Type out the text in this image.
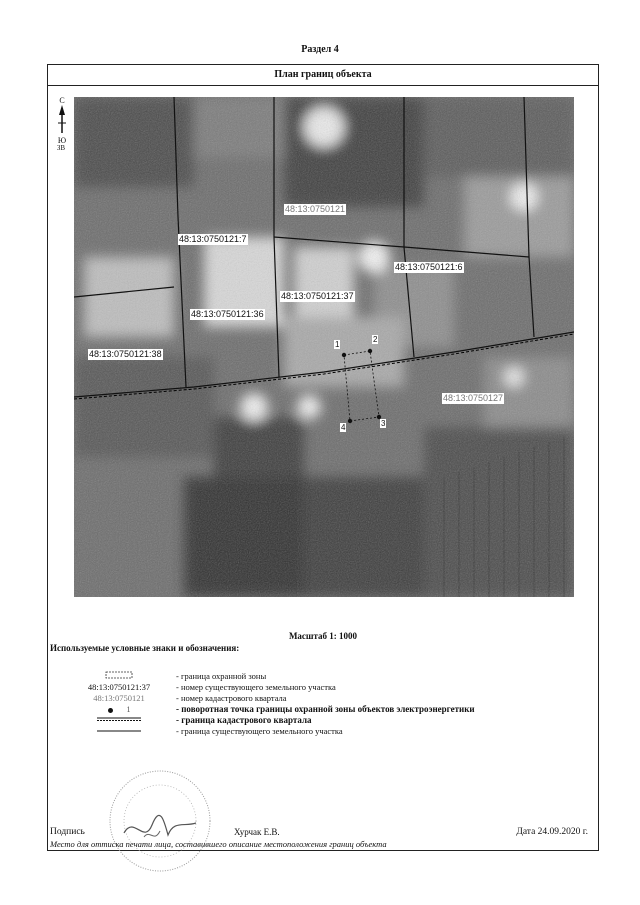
Раздел 4
План границ объекта
С
Ю
ЗВ
48:13:0750121
48:13:0750121:7
48:13:0750121:6
48:13:0750121:37
48:13:0750121:36
48:13:0750121:38
48:13:0750127
1
2
3
4
Масштаб 1: 1000
Используемые условные знаки и обозначения:
- граница охранной зоны
48:13:0750121:37	- номер существующего земельного участка
48:13:0750121	- номер кадастрового квартала
1	- поворотная точка границы охранной зоны объектов электроэнергетики
- граница кадастрового квартала
- граница существующего земельного участка
Подпись	Хурчак Е.В.	Дата 24.09.2020 г.
Место для оттиска печати лица, составившего описание местоположения границ объекта
